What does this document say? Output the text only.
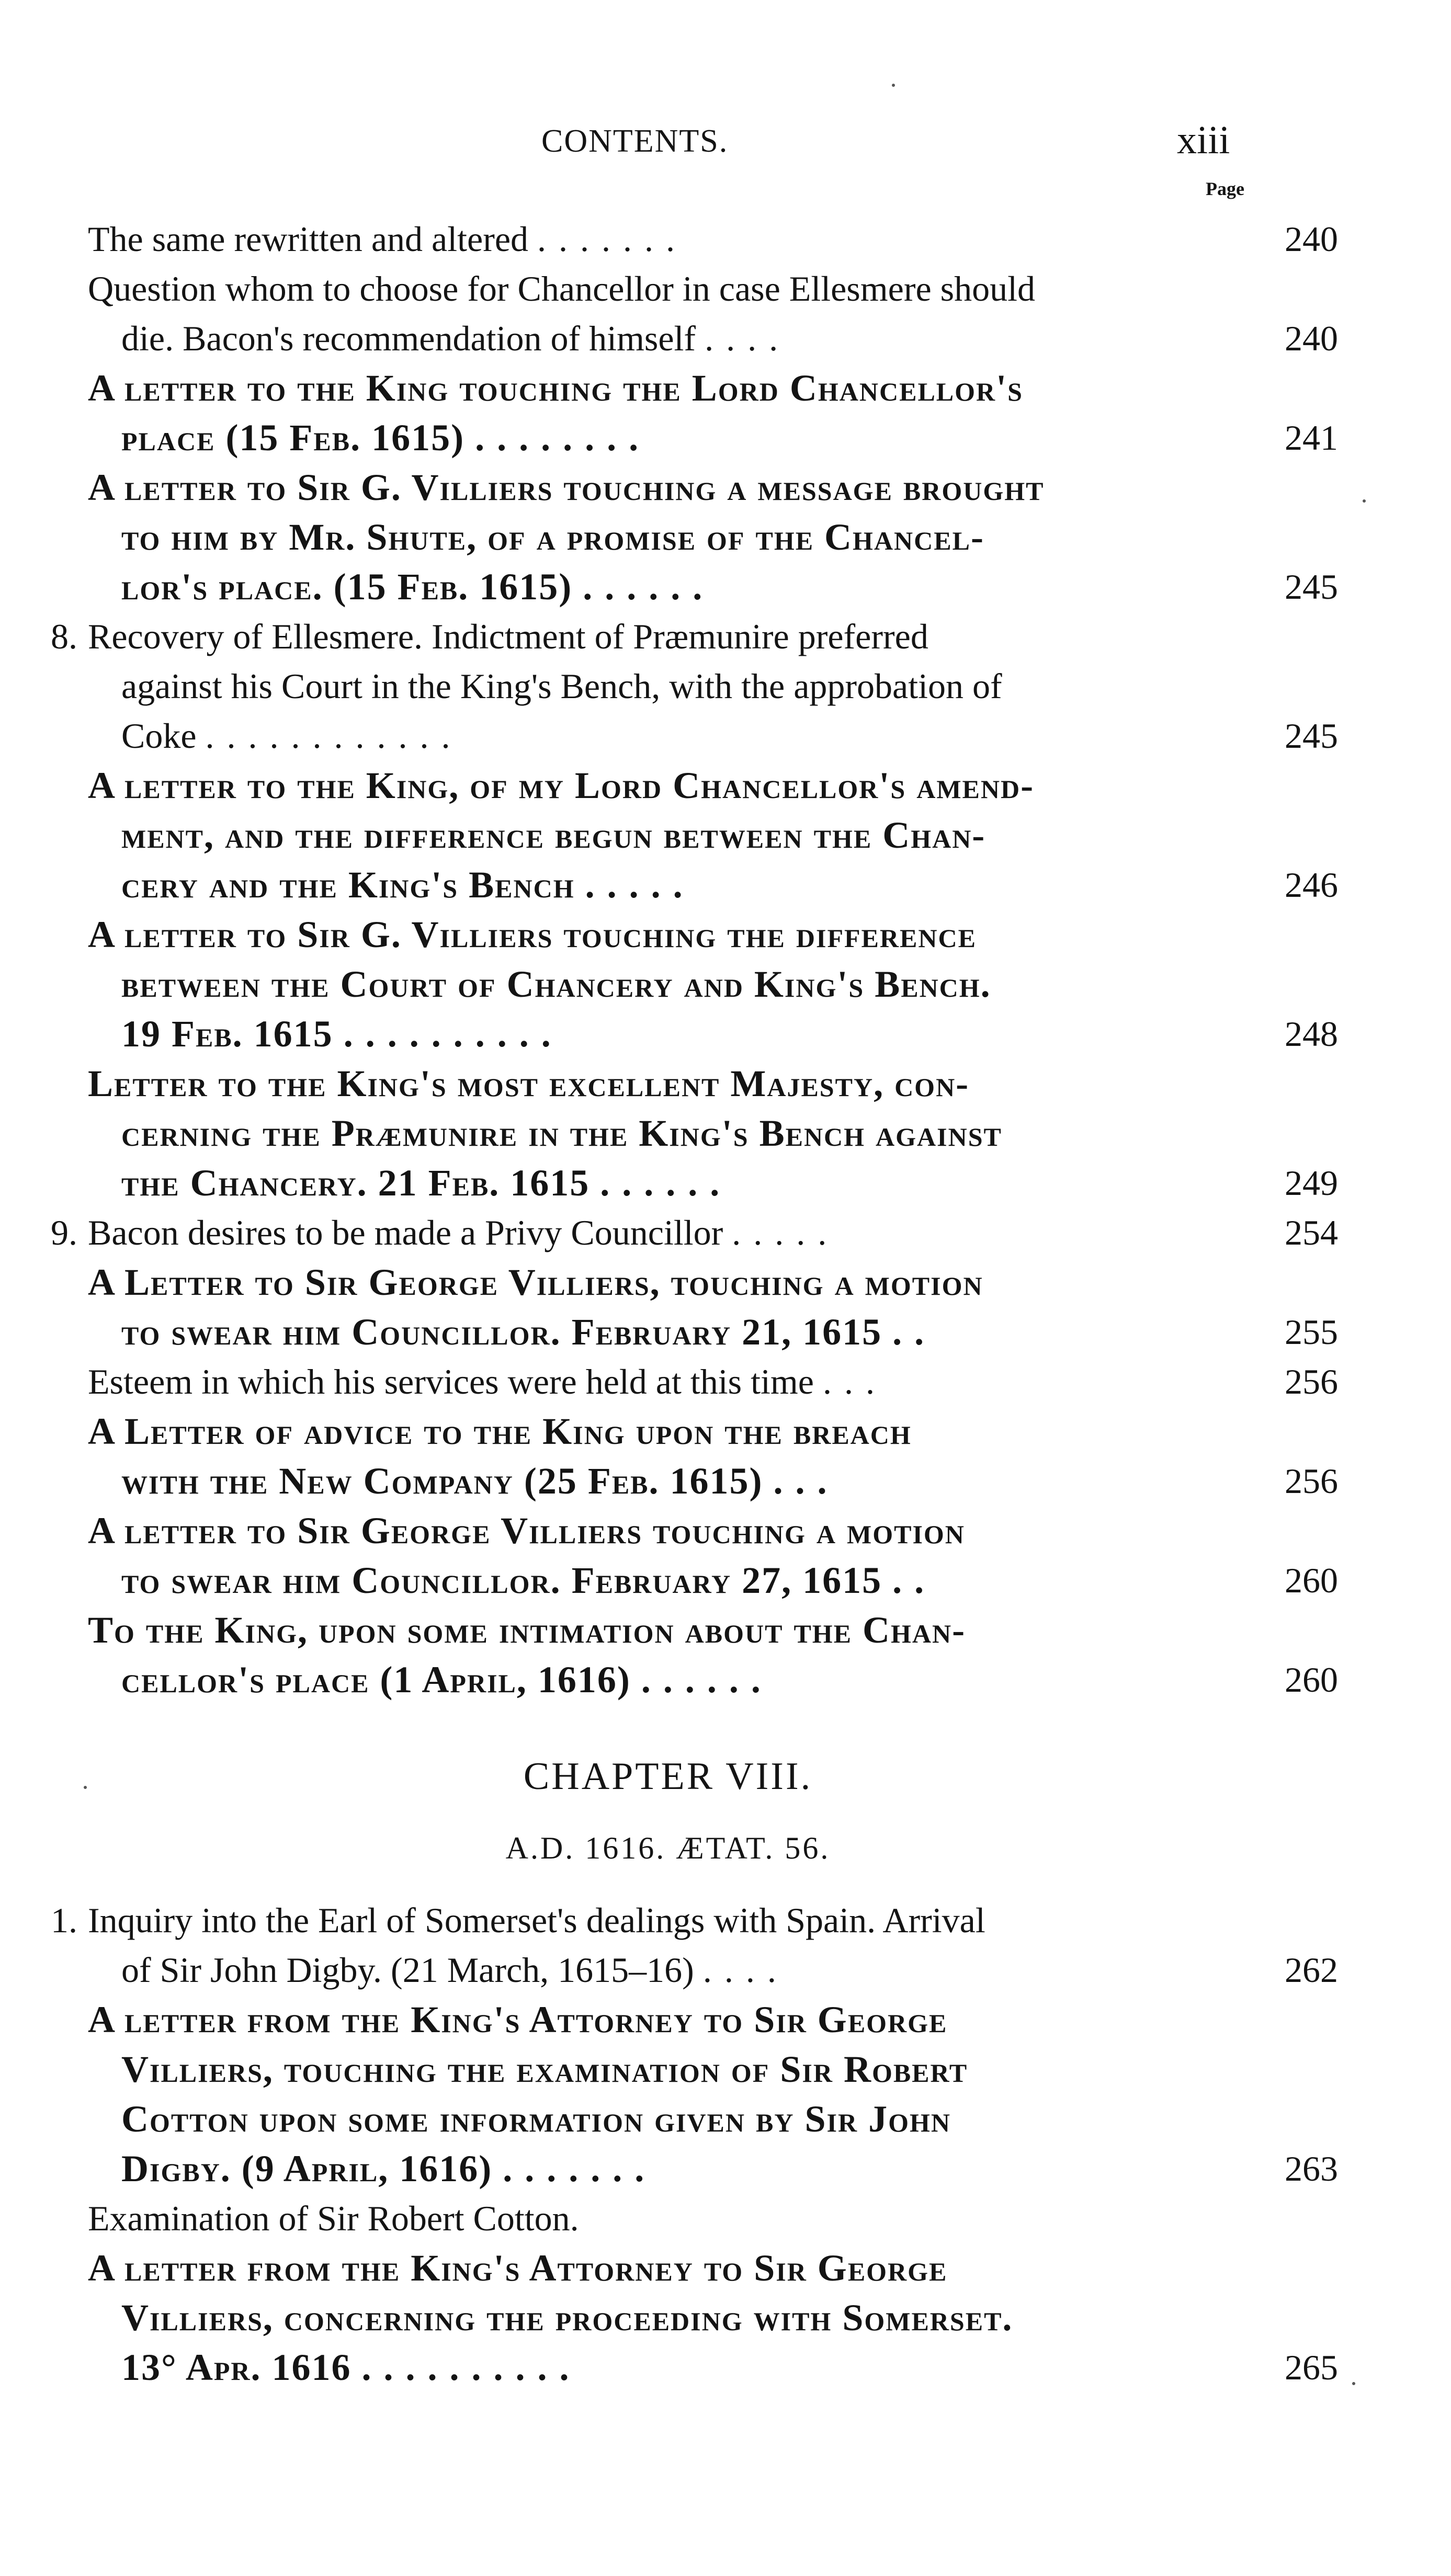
CONTENTS.	xiii
Page
The same rewritten and altered .......	240
Question whom to choose for Chancellor in case Ellesmere should
die. Bacon's recommendation of himself ....	240
A letter to the King touching the Lord Chancellor's
place (15 Feb. 1615) ........	241
A letter to Sir G. Villiers touching a message brought
to him by Mr. Shute, of a promise of the Chancel-
lor's place. (15 Feb. 1615) ......	245
8. Recovery of Ellesmere. Indictment of Præmunire preferred
against his Court in the King's Bench, with the approbation of
Coke ............	245
A letter to the King, of my Lord Chancellor's amend-
ment, and the difference begun between the Chan-
cery and the King's Bench .....	246
A letter to Sir G. Villiers touching the difference
between the Court of Chancery and King's Bench.
19 Feb. 1615 ..........	248
Letter to the King's most excellent Majesty, con-
cerning the Præmunire in the King's Bench against
the Chancery. 21 Feb. 1615 ......	249
9. Bacon desires to be made a Privy Councillor .....	254
A Letter to Sir George Villiers, touching a motion
to swear him Councillor. February 21, 1615 ..	255
Esteem in which his services were held at this time ...	256
A Letter of advice to the King upon the breach
with the New Company (25 Feb. 1615) ...	256
A letter to Sir George Villiers touching a motion
to swear him Councillor. February 27, 1615 ..	260
To the King, upon some intimation about the Chan-
cellor's place (1 April, 1616) ......	260
CHAPTER VIII.
A.D. 1616. ÆTAT. 56.
1. Inquiry into the Earl of Somerset's dealings with Spain. Arrival
of Sir John Digby. (21 March, 1615–16) ....	262
A letter from the King's Attorney to Sir George
Villiers, touching the examination of Sir Robert
Cotton upon some information given by Sir John
Digby. (9 April, 1616) .......	263
Examination of Sir Robert Cotton.
A letter from the King's Attorney to Sir George
Villiers, concerning the proceeding with Somerset.
13° Apr. 1616 ..........	265
